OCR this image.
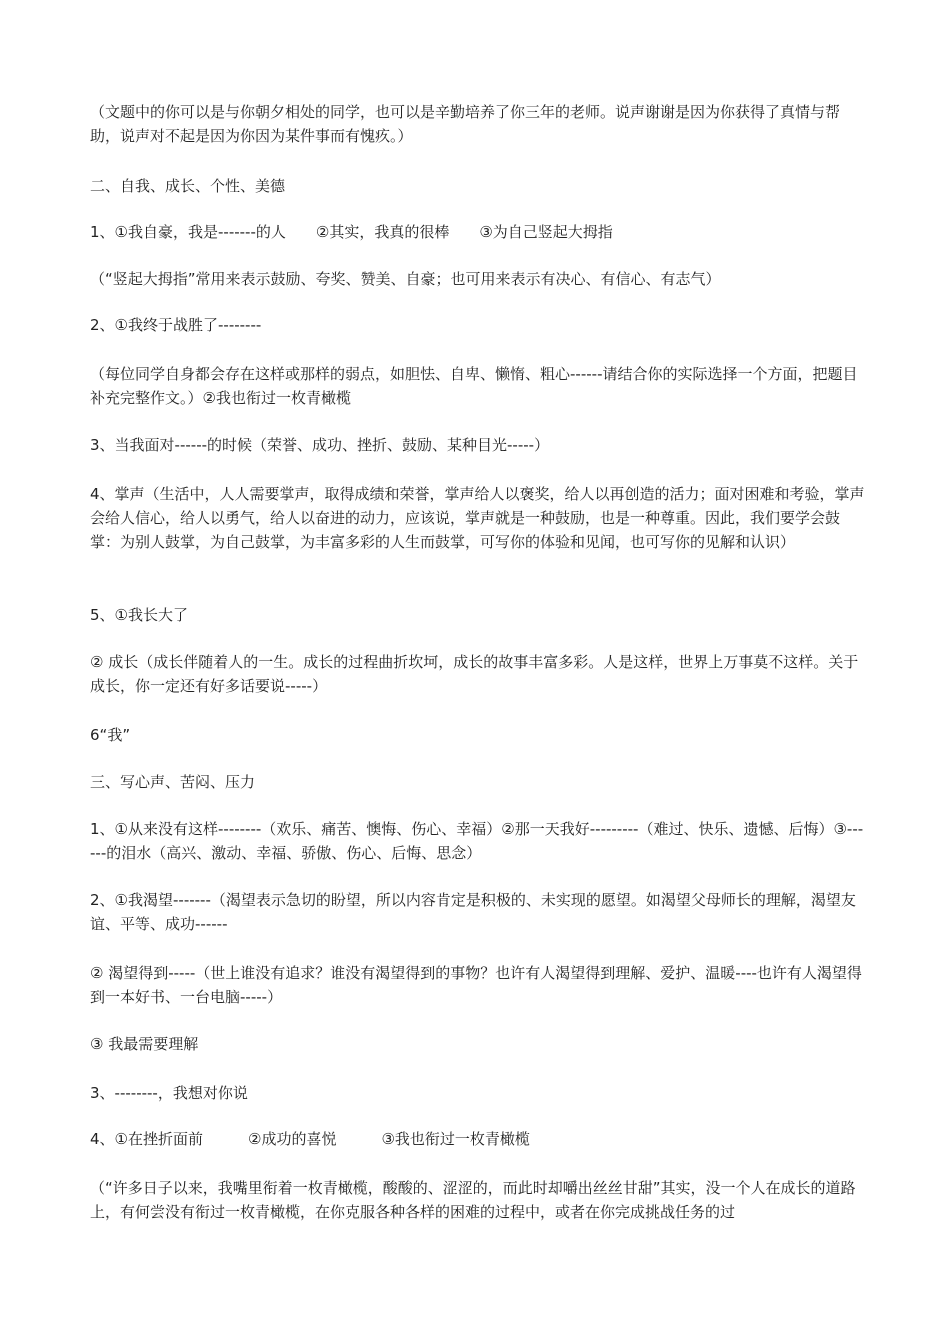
（文题中的你可以是与你朝夕相处的同学，也可以是辛勤培养了你三年的老师。说声谢谢是因为你获得了真情与帮助，说声对不起是因为你因为某件事而有愧疚。）

二、自我、成长、个性、美德

1、①我自豪，我是-------的人　　②其实，我真的很棒　　③为自己竖起大拇指

（“竖起大拇指”常用来表示鼓励、夸奖、赞美、自豪；也可用来表示有决心、有信心、有志气）

2、①我终于战胜了--------

（每位同学自身都会存在这样或那样的弱点，如胆怯、自卑、懒惰、粗心------请结合你的实际选择一个方面，把题目补充完整作文。）②我也衔过一枚青橄榄

3、当我面对------的时候（荣誉、成功、挫折、鼓励、某种目光-----）

4、掌声（生活中，人人需要掌声，取得成绩和荣誉，掌声给人以褒奖，给人以再创造的活力；面对困难和考验，掌声会给人信心，给人以勇气，给人以奋进的动力，应该说，掌声就是一种鼓励，也是一种尊重。因此，我们要学会鼓掌：为别人鼓掌，为自己鼓掌，为丰富多彩的人生而鼓掌，可写你的体验和见闻，也可写你的见解和认识）

5、①我长大了

② 成长（成长伴随着人的一生。成长的过程曲折坎坷，成长的故事丰富多彩。人是这样，世界上万事莫不这样。关于成长，你一定还有好多话要说-----）

6“我”

三、写心声、苦闷、压力

1、①从来没有这样--------（欢乐、痛苦、懊悔、伤心、幸福）②那一天我好---------（难过、快乐、遗憾、后悔）③------的泪水（高兴、激动、幸福、骄傲、伤心、后悔、思念）

2、①我渴望-------（渴望表示急切的盼望，所以内容肯定是积极的、未实现的愿望。如渴望父母师长的理解，渴望友谊、平等、成功------

② 渴望得到-----（世上谁没有追求？谁没有渴望得到的事物？也许有人渴望得到理解、爱护、温暖----也许有人渴望得到一本好书、一台电脑-----）

③ 我最需要理解

3、--------，我想对你说

4、①在挫折面前　　　②成功的喜悦　　　③我也衔过一枚青橄榄

（“许多日子以来，我嘴里衔着一枚青橄榄，酸酸的、涩涩的，而此时却嚼出丝丝甘甜”其实，没一个人在成长的道路上，有何尝没有衔过一枚青橄榄，在你克服各种各样的困难的过程中，或者在你完成挑战任务的过
